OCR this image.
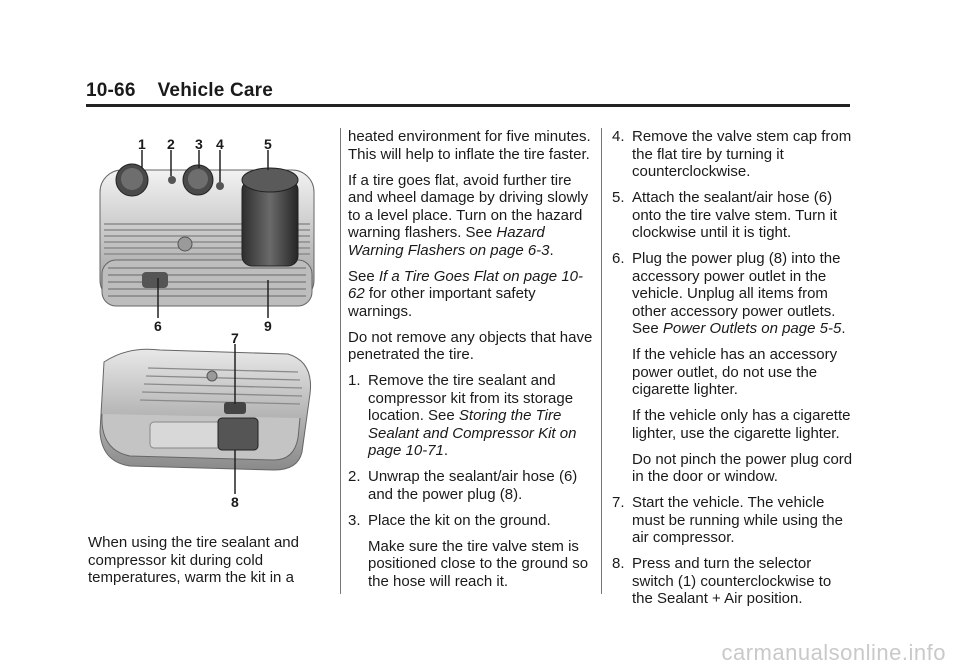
10-66 Vehicle Care
1 2 3 4	5
6
7
8
9
When using the tire sealant and compressor kit during cold temperatures, warm the kit in a

heated environment for five minutes. This will help to inflate the tire faster.

If a tire goes flat, avoid further tire and wheel damage by driving slowly to a level place. Turn on the hazard warning flashers. See Hazard Warning Flashers on page 6-3.

See If a Tire Goes Flat on page 10-62 for other important safety warnings.

Do not remove any objects that have penetrated the tire.

1. Remove the tire sealant and compressor kit from its storage location. See Storing the Tire Sealant and Compressor Kit on page 10-71.
2. Unwrap the sealant/air hose (6) and the power plug (8).
3. Place the kit on the ground.
Make sure the tire valve stem is positioned close to the ground so the hose will reach it.
4. Remove the valve stem cap from the flat tire by turning it counterclockwise.
5. Attach the sealant/air hose (6) onto the tire valve stem. Turn it clockwise until it is tight.
6. Plug the power plug (8) into the accessory power outlet in the vehicle. Unplug all items from other accessory power outlets. See Power Outlets on page 5-5.
If the vehicle has an accessory power outlet, do not use the cigarette lighter.
If the vehicle only has a cigarette lighter, use the cigarette lighter.
Do not pinch the power plug cord in the door or window.
7. Start the vehicle. The vehicle must be running while using the air compressor.
8. Press and turn the selector switch (1) counterclockwise to the Sealant + Air position.
carmanualsonline.info
